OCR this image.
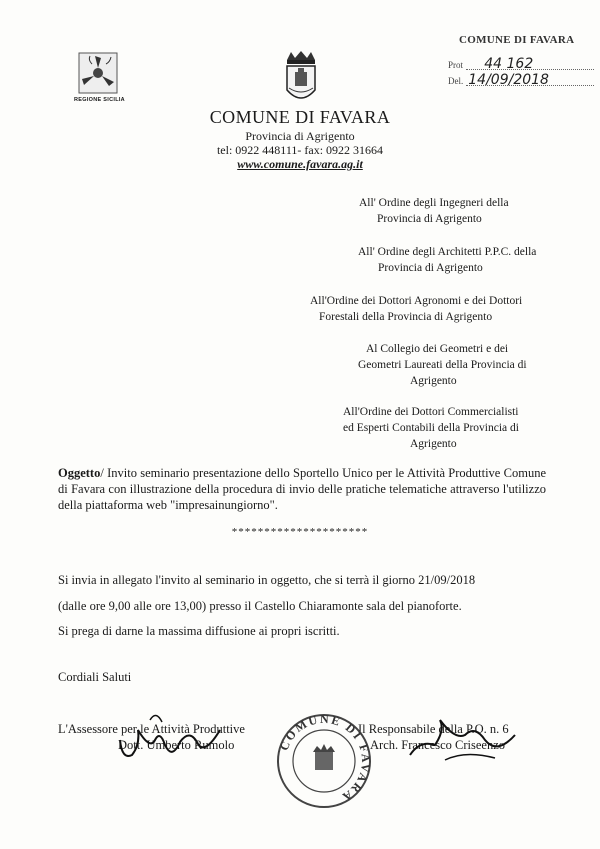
COMUNE DI FAVARA
Prot 44 162
Del. 14/09/2018
REGIONE SICILIA
COMUNE DI FAVARA
Provincia di Agrigento
tel: 0922 448111- fax: 0922 31664
www.comune.favara.ag.it
All' Ordine degli Ingegneri della
Provincia di Agrigento
All' Ordine degli Architetti P.P.C. della
Provincia di Agrigento
All'Ordine dei Dottori Agronomi e dei Dottori
Forestali della Provincia di Agrigento
Al Collegio dei Geometri e dei
Geometri Laureati della Provincia di
Agrigento
All'Ordine dei Dottori Commercialisti
ed Esperti Contabili della Provincia di
Agrigento
Oggetto/ Invito seminario presentazione dello Sportello Unico per le Attività Produttive Comune di Favara con illustrazione della procedura di invio delle pratiche telematiche attraverso l'utilizzo della piattaforma web "impresainungiorno".
*********************
Si invia in allegato l'invito al seminario in oggetto, che si terrà il giorno 21/09/2018
(dalle ore 9,00 alle ore 13,00) presso il Castello Chiaramonte sala del pianoforte.
Si prega di darne la massima diffusione ai propri iscritti.
Cordiali Saluti
L'Assessore per le Attività Produttive
Dott. Umberto Rumolo
Il Responsabile della P.O. n. 6
Arch. Francesco Criseenzo
COMUNE DI FAVARA
